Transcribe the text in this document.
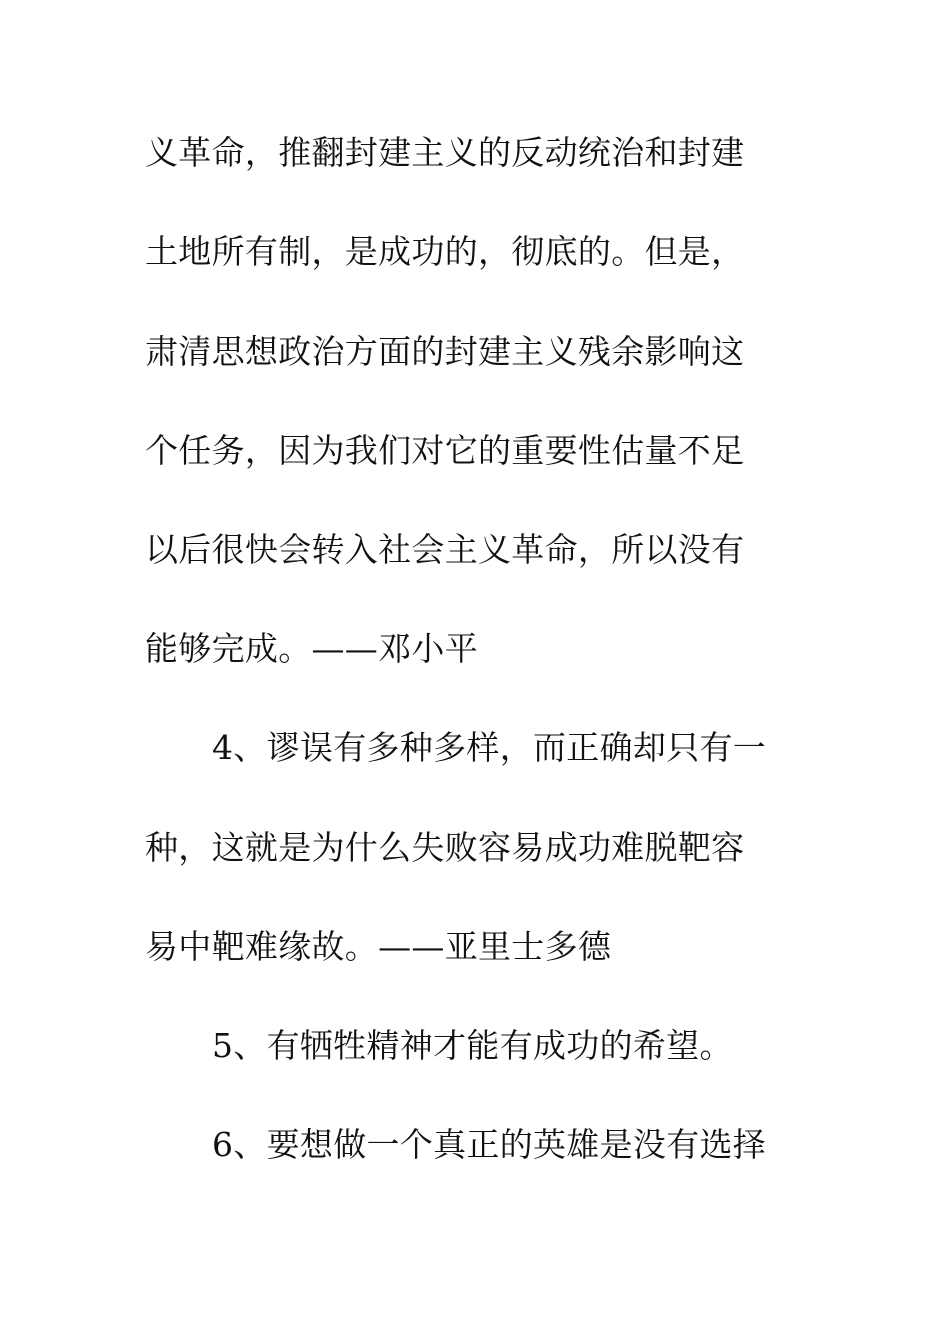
义革命，推翻封建主义的反动统治和封建
土地所有制，是成功的，彻底的。但是，
肃清思想政治方面的封建主义残余影响这
个任务，因为我们对它的重要性估量不足
以后很快会转入社会主义革命，所以没有
能够完成。——邓小平
4、谬误有多种多样，而正确却只有一
种，这就是为什么失败容易成功难脱靶容
易中靶难缘故。——亚里士多德
5、有牺牲精神才能有成功的希望。
6、要想做一个真正的英雄是没有选择
